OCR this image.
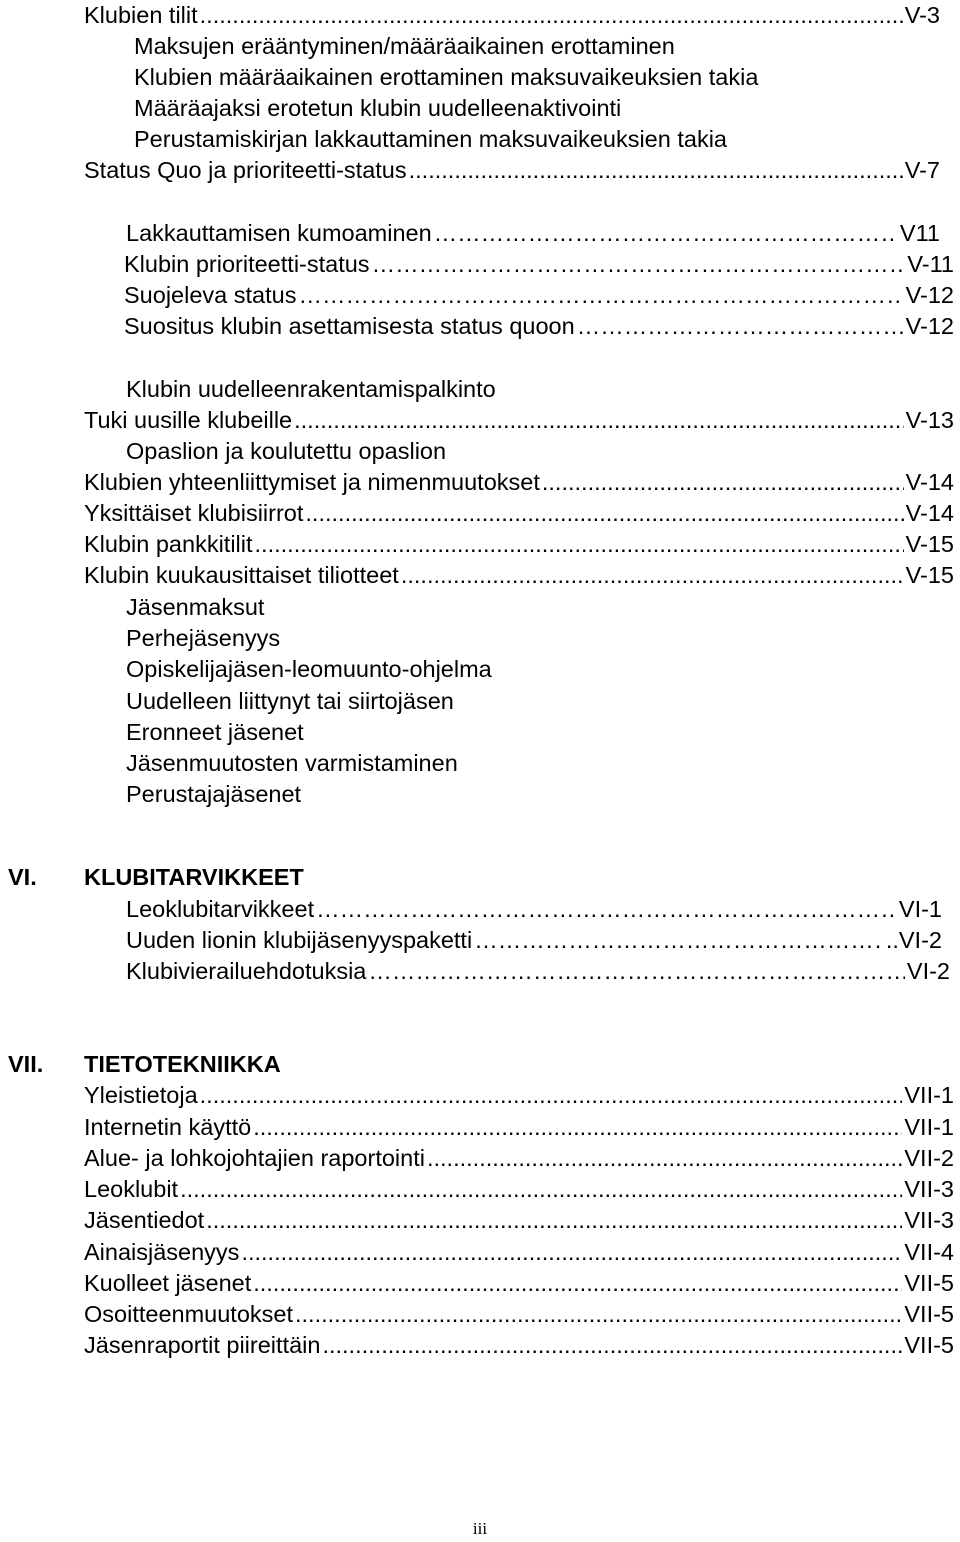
Klubien tilit .....	V-3
Maksujen erääntyminen/määräaikainen erottaminen
Klubien määräaikainen erottaminen maksuvaikeuksien takia
Määräajaksi erotetun klubin uudelleenaktivointi
Perustamiskirjan lakkauttaminen maksuvaikeuksien takia
Status Quo ja prioriteetti-status .....	V-7
Lakkauttamisen kumoaminen ……………………………………………………………………………………………………………………………………………………………………………………………………	V11
Klubin prioriteetti-status ……………………………………………………………………………………………………………………………………………………………………………………………………	V-11
Suojeleva status ……………………………………………………………………………………………………………………………………………………………………………………………………	V-12
Suositus klubin asettamisesta status quoon ……………………………………………………………………………………………………………………………………………………………………………………………………	V-12
Klubin uudelleenrakentamispalkinto
Tuki uusille klubeille .....	V-13
Opaslion ja koulutettu opaslion
Klubien yhteenliittymiset ja nimenmuutokset .....	V-14
Yksittäiset klubisiirrot .....	V-14
Klubin pankkitilit .....	V-15
Klubin kuukausittaiset tiliotteet .....	V-15
Jäsenmaksut
Perhejäsenyys
Opiskelijajäsen-leomuunto-ohjelma
Uudelleen liittynyt tai siirtojäsen
Eronneet jäsenet
Jäsenmuutosten varmistaminen
Perustajajäsenet
VI. KLUBITARVIKKEET
Leoklubitarvikkeet ……………………………………………………………………………………………………………………………………………………………………………………………………	VI-1
Uuden lionin klubijäsenyyspaketti ……………………………………………………………………………………………………………………………………………………………………………………………………	..VI-2
Klubivierailuehdotuksia ……………………………………………………………………………………………………………………………………………………………………………………………………	VI-2
VII. TIETOTEKNIIKKA
Yleistietoja .....	VII-1
Internetin käyttö .....	VII-1
Alue- ja lohkojohtajien raportointi .....	VII-2
Leoklubit .....	VII-3
Jäsentiedot .....	VII-3
Ainaisjäsenyys .....	VII-4
Kuolleet jäsenet .....	VII-5
Osoitteenmuutokset .....	VII-5
Jäsenraportit piireittäin .....	VII-5
iii
